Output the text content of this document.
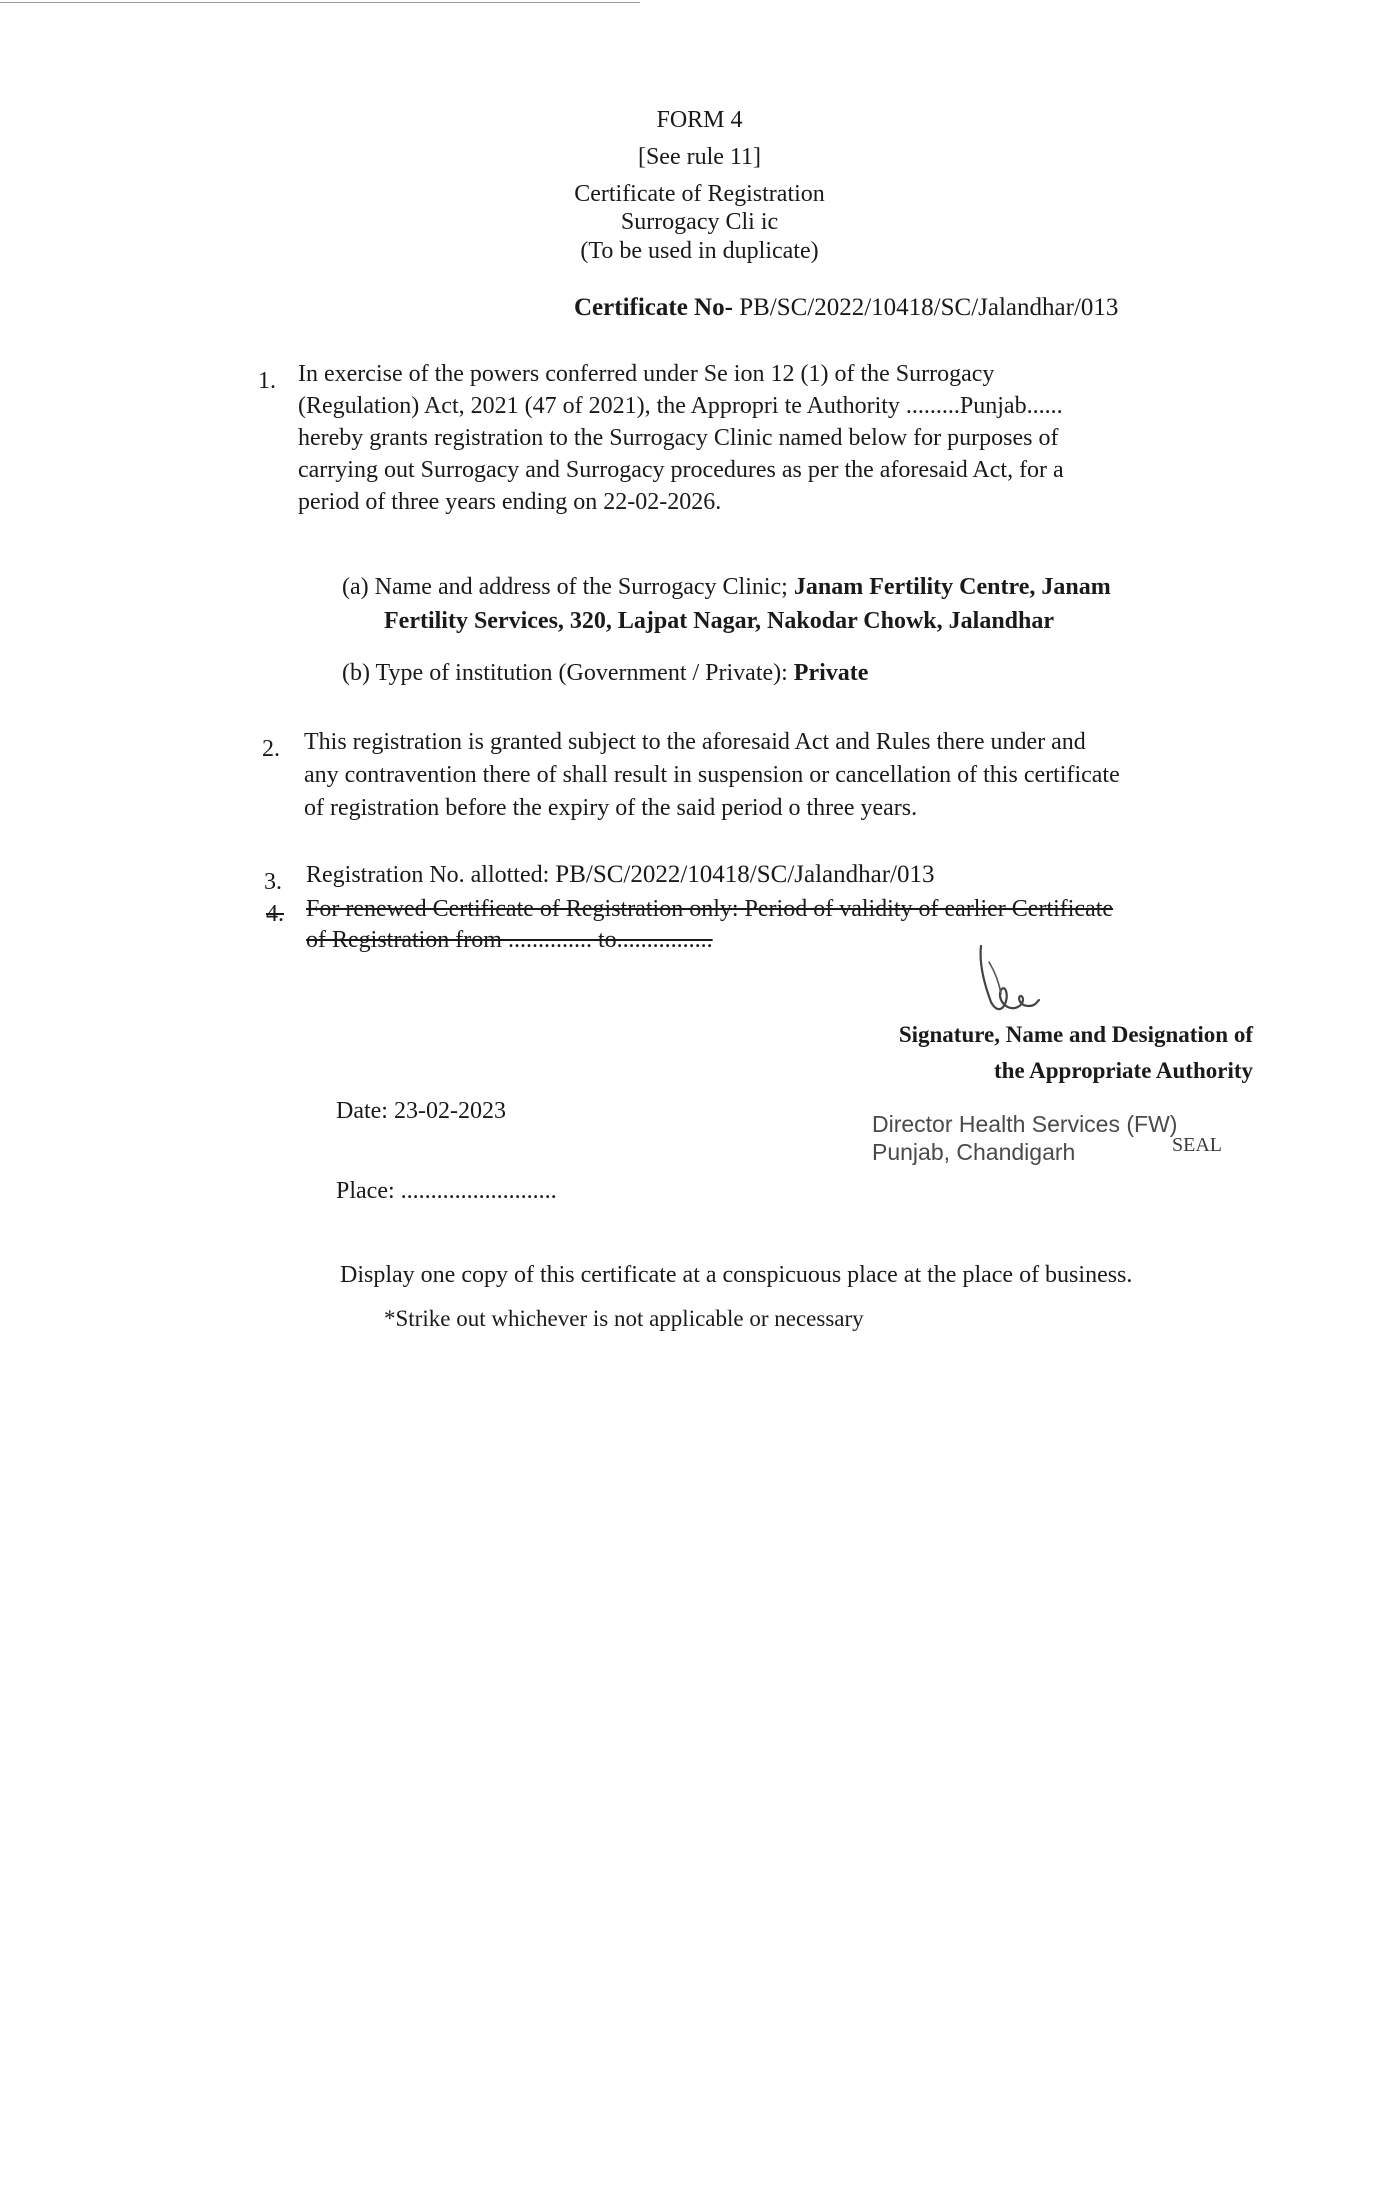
FORM 4
[See rule 11]
Certificate of Registration
Surrogacy Cli ic
(To be used in duplicate)
Certificate No- PB/SC/2022/10418/SC/Jalandhar/013
1. In exercise of the powers conferred under Se ion 12 (1) of the Surrogacy
(Regulation) Act, 2021 (47 of 2021), the Appropri te Authority .........Punjab......
hereby grants registration to the Surrogacy Clinic named below for purposes of
carrying out Surrogacy and Surrogacy procedures as per the aforesaid Act, for a
period of three years ending on 22-02-2026.
(a) Name and address of the Surrogacy Clinic; Janam Fertility Centre, Janam
Fertility Services, 320, Lajpat Nagar, Nakodar Chowk, Jalandhar
(b) Type of institution (Government / Private): Private
2. This registration is granted subject to the aforesaid Act and Rules there under and
any contravention there of shall result in suspension or cancellation of this certificate
of registration before the expiry of the said period o three years.
3. Registration No. allotted: PB/SC/2022/10418/SC/Jalandhar/013
4. For renewed Certificate of Registration only: Period of validity of earlier Certificate
of Registration from .............. to................
Signature, Name and Designation of
the Appropriate Authority
Date: 23-02-2023	Director Health Services (FW)
Punjab, Chandigarh	SEAL
Place: ..........................
Display one copy of this certificate at a conspicuous place at the place of business.
*Strike out whichever is not applicable or necessary
